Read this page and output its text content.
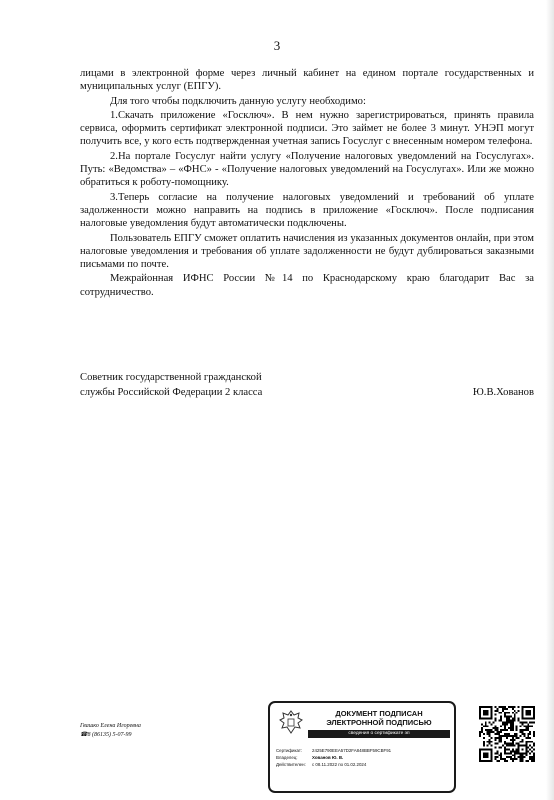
3

лицами в электронной форме через личный кабинет на едином портале государственных и муниципальных услуг (ЕПГУ).

Для того чтобы подключить данную услугу необходимо:

1.Скачать приложение «Госключ». В нем нужно зарегистрироваться, принять правила сервиса, оформить сертификат электронной подписи. Это займет не более 3 минут. УНЭП могут получить все, у кого есть подтвержденная учетная запись Госуслуг с внесенным номером телефона.

2.На портале Госуслуг найти услугу «Получение налоговых уведомлений на Госуслугах». Путь: «Ведомства» – «ФНС» - «Получение налоговых уведомлений на Госуслугах». Или же можно обратиться к роботу-помощнику.

3.Теперь согласие на получение налоговых уведомлений и требований об уплате задолженности можно направить на подпись в приложение «Госключ». После подписания налоговые уведомления будут автоматически подключены.

Пользователь ЕПГУ сможет оплатить начисления из указанных документов онлайн, при этом налоговые уведомления и требования об уплате задолженности не будут дублироваться заказными письмами по почте.

Межрайонная ИФНС России №14 по Краснодарскому краю благодарит Вас за сотрудничество.

Советник государственной гражданской
службы Российской Федерации 2 класса	Ю.В.Хованов
Гвашко Елена Игоревна
☎8 (86135) 5-07-99
ДОКУМЕНТ ПОДПИСАН
ЭЛЕКТРОННОЙ ПОДПИСЬЮ
сведения о сертификате эп
Сертификат:	2425E790EEA57D2FA848BBF59CBF91
Владелец:	Хованов Ю. В.
Действителен:	с 08.11.2022 по 01.02.2024
